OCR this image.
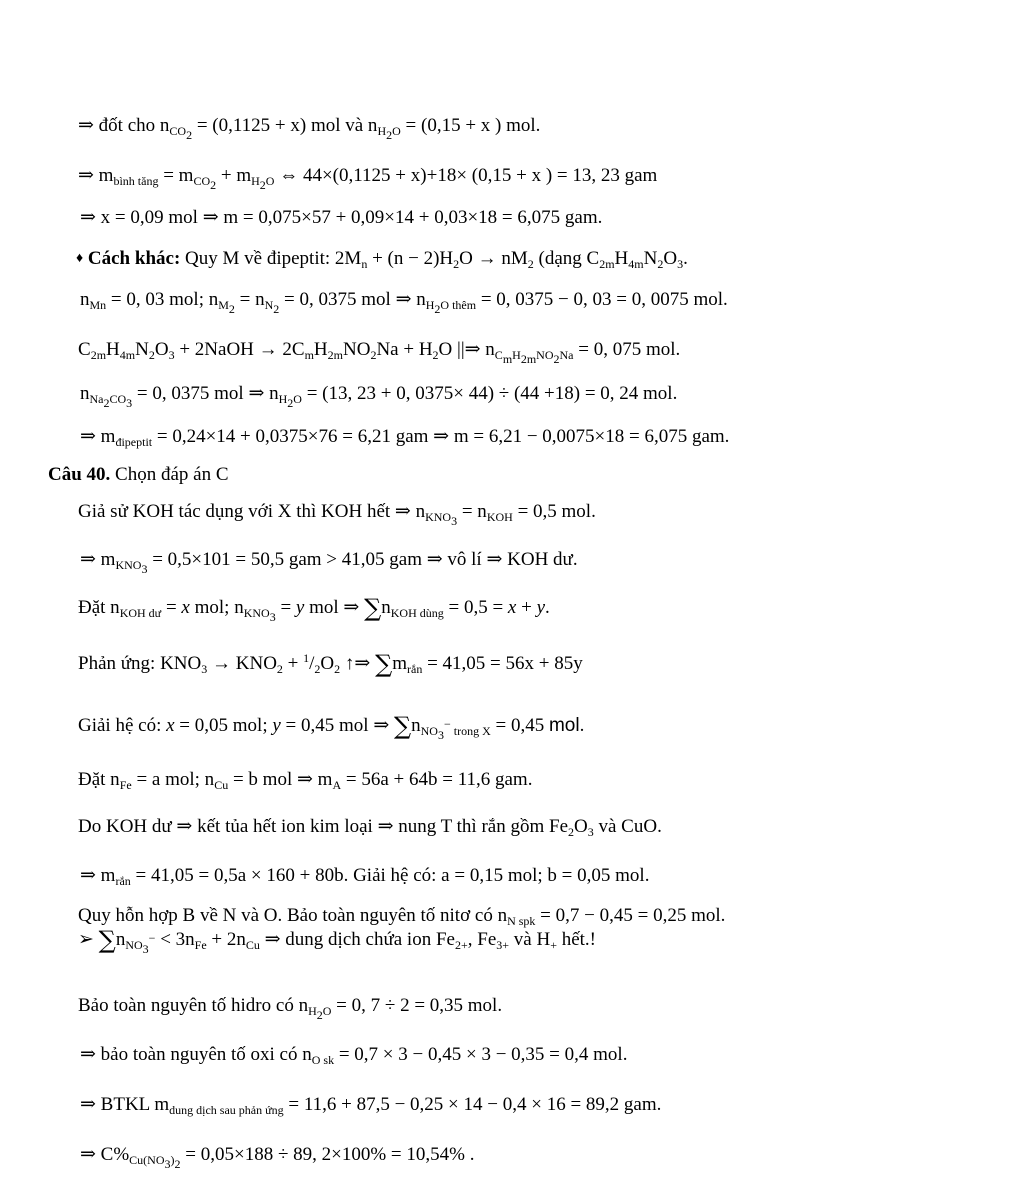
⇒ đốt cho $n_{CO_2} = (0,1125 + x)$ mol và $n_{H_2O} = (0,15 + x$ ) mol.
⇒ $m_{bình tăng} = m_{CO_2} + m_{H_2O}$ ⇔ 44×(0,1125 + x)+18× (0,15 + x ) = 13, 23 gam
⇒ x = 0,09 mol ⇒ m = 0,075×57 + 0,09×14 + 0,03×18 = 6,075 gam.
♦ Cách khác: Quy M về đipeptit: $2M_n + (n - 2)H_2O \to nM_2$ (dạng $C_{2m}H_{4m}N_2O_3$.
$n_{Mn} = 0$, 03 mol; $n_{M_2} = n_{N_2} = 0$, 0375 mol ⇒ $n_{H_2O thêm} = 0$, 0375 − 0, 03 = 0, 0075 mol.
$C_{2m}H_{4m}N_2O_3$ + 2NaOH → $2C_mH_{2m}NO_2Na + H_2O$ ||⇒ $n_{C_mH_{2m}NO_2Na} = 0$, 075 mol.
$n_{Na_2CO_3} = 0$, 0375 mol ⇒ $n_{H_2O} = (13$, 23 + 0, 0375× 44) ÷ (44 +18) = 0, 24 mol.
⇒ $m_{đipeptit} = 0,24\times 14 + 0,0375\times 76 = 6,21$ gam ⇒ m = 6,21 − 0,0075×18 = 6,075 gam.
Câu 40. Chọn đáp án C
Giả sử KOH tác dụng với X thì KOH hết ⇒ $n_{KNO_3} = n_{KOH} = 0,5$ mol.
⇒ $m_{KNO_3} = 0,5\times 101 = 50,5$ gam > 41,05 gam ⇒ vô lí ⇒ KOH dư.
Đặt $n_{KOH dư} = x$ mol; $n_{KNO_3} = y$ mol ⇒ $\sum n_{KOH dùng} = 0,5 = x + y$.
Phản ứng: $KNO_3 \to KNO_2 + ^1/_2O_2$ ↑⇒ $\sum m_{rắn} = 41,05 = 56x + 85y$
Giải hệ có: x = 0,05 mol; y = 0,45 mol ⇒ $\sum n_{NO_3^- trong X} = 0,45$ mol.
Đặt $n_{Fe} = a$ mol; $n_{Cu} = b$ mol ⇒ $m_A = 56a + 64b = 11,6$ gam.
Do KOH dư ⇒ kết tủa hết ion kim loại ⇒ nung T thì rắn gồm $Fe_2O_3$ và CuO.
⇒ $m_{rắn} = 41,05 = 0,5a \times 160 + 80b$. Giải hệ có: a = 0,15 mol; b = 0,05 mol.
Quy hỗn hợp B về N và O. Bảo toàn nguyên tố nitơ có $n_{N spk} = 0,7 - 0,45 = 0,25$ mol.
➢ $\sum n_{NO_3^-} < 3n_{Fe} + 2n_{Cu}$ ⇒ dung dịch chứa ion $Fe_{2+}$, $Fe_{3+}$ và $H_+$ hết.!
Bảo toàn nguyên tố hidro có $n_{H_2O} = 0$, 7 ÷ 2 = 0,35 mol.
⇒ bảo toàn nguyên tố oxi có $n_{O sk} = 0,7 \times 3 - 0,45 \times 3 - 0,35 = 0,4$ mol.
⇒ BTKL $m_{dung dịch sau phản ứng} = 11,6 + 87,5 - 0,25 \times 14 - 0,4 \times 16 = 89,2$ gam.
⇒ $C\%_{Cu(NO_3)_2} = 0,05\times 188 \div 89$, 2×100% = 10,54% .
